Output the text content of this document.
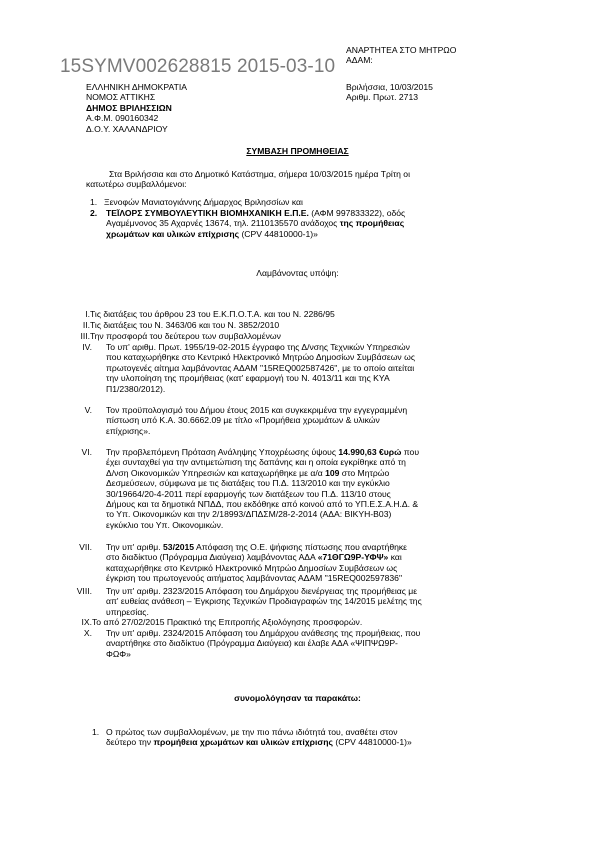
15SYMV002628815 2015-03-10
ΑΝΑΡΤΗΤΕΑ ΣΤΟ ΜΗΤΡΩΟ
ΑΔΑΜ:
ΕΛΛΗΝΙΚΗ ΔΗΜΟΚΡΑΤΙΑ
ΝΟΜΟΣ ΑΤΤΙΚΗΣ
ΔΗΜΟΣ ΒΡΙΛΗΣΣΙΩΝ
Α.Φ.Μ. 090160342
Δ.Ο.Υ. ΧΑΛΑΝΔΡΙΟΥ
Βριλήσσια, 10/03/2015
Αριθμ. Πρωτ. 2713
ΣΥΜΒΑΣΗ ΠΡΟΜΗΘΕΙΑΣ
Στα Βριλήσσια και στο Δημοτικό Κατάστημα, σήμερα 10/03/2015 ημέρα Τρίτη οι
κατωτέρω συμβαλλόμενοι:
1. Ξενοφών Μανιατογιάννης Δήμαρχος Βριλησσίων και
2. ΤΕΪΛΟΡΣ ΣΥΜΒΟΥΛΕΥΤΙΚΗ ΒΙΟΜΗΧΑΝΙΚΗ Ε.Π.Ε. (ΑΦΜ 997833322), οδός
Αγαμέμνονος 35 Αχαρνές 13674, τηλ. 2110135570 ανάδοχος της προμήθειας
χρωμάτων και υλικών επίχρισης (CPV 44810000-1)»
Λαμβάνοντας υπόψη:
I. Τις διατάξεις του άρθρου 23 του Ε.Κ.Π.Ο.Τ.Α. και του Ν. 2286/95
II. Τις διατάξεις του Ν. 3463/06 και του Ν. 3852/2010
III. Την προσφορά του δεύτερου των συμβαλλομένων
IV. Το υπ' αριθμ. Πρωτ. 1955/19-02-2015 έγγραφο της Δ/νσης Τεχνικών Υπηρεσιών
που καταχωρήθηκε στο Κεντρικό Ηλεκτρονικό Μητρώο Δημοσίων Συμβάσεων ως
πρωτογενές αίτημα λαμβάνοντας ΑΔΑΜ "15REQ002587426", με το οποίο αιτείται
την υλοποίηση της προμήθειας (κατ' εφαρμογή του Ν. 4013/11 και της ΚΥΑ
Π1/2380/2012).
V. Τον προϋπολογισμό του Δήμου έτους 2015 και συγκεκριμένα την εγγεγραμμένη
πίστωση υπό Κ.Α. 30.6662.09 με τίτλο «Προμήθεια χρωμάτων & υλικών
επίχρισης».
VI. Την προβλεπόμενη Πρόταση Ανάληψης Υποχρέωσης ύψους 14.990,63 €υρώ που
έχει συνταχθεί για την αντιμετώπιση της δαπάνης και η οποία εγκρίθηκε από τη
Δ/νση Οικονομικών Υπηρεσιών και καταχωρήθηκε με α/α 109 στο Μητρώο
Δεσμεύσεων, σύμφωνα με τις διατάξεις του Π.Δ. 113/2010 και την εγκύκλιο
30/19664/20-4-2011 περί εφαρμογής των διατάξεων του Π.Δ. 113/10 στους
Δήμους και τα δημοτικά ΝΠΔΔ, που εκδόθηκε από κοινού από το ΥΠ.Ε.Σ.Α.Η.Δ. &
το Υπ. Οικονομικών και την 2/18993/ΔΠΔΣΜ/28-2-2014 (ΑΔΑ: ΒΙΚΥΗ-Β03)
εγκύκλιο του Υπ. Οικονομικών.
VII. Την υπ' αριθμ. 53/2015 Απόφαση της Ο.Ε. ψήφισης πίστωσης που αναρτήθηκε
στο διαδίκτυο (Πρόγραμμα Διαύγεια) λαμβάνοντας ΑΔΑ «71ΘΓΩ9Ρ-ΥΦΨ» και
καταχωρήθηκε στο Κεντρικό Ηλεκτρονικό Μητρώο Δημοσίων Συμβάσεων ως
έγκριση του πρωτογενούς αιτήματος λαμβάνοντας ΑΔΑΜ "15REQ002597836"
VIII. Την υπ' αριθμ. 2323/2015 Απόφαση του Δημάρχου διενέργειας της προμήθειας με
απ' ευθείας ανάθεση – Έγκρισης Τεχνικών Προδιαγραφών της 14/2015 μελέτης της
υπηρεσίας.
IX. Το από 27/02/2015 Πρακτικό της Επιτροπής Αξιολόγησης προσφορών.
X. Την υπ' αριθμ. 2324/2015 Απόφαση του Δημάρχου ανάθεσης της προμήθειας, που
αναρτήθηκε στο διαδίκτυο (Πρόγραμμα Διαύγεια) και έλαβε ΑΔΑ «ΨΙΠΨΩ9Ρ-
ΦΩΦ»
συνομολόγησαν τα παρακάτω:
1. Ο πρώτος των συμβαλλομένων, με την πιο πάνω ιδιότητά του, αναθέτει στον
δεύτερο την προμήθεια χρωμάτων και υλικών επίχρισης (CPV 44810000-1)»
